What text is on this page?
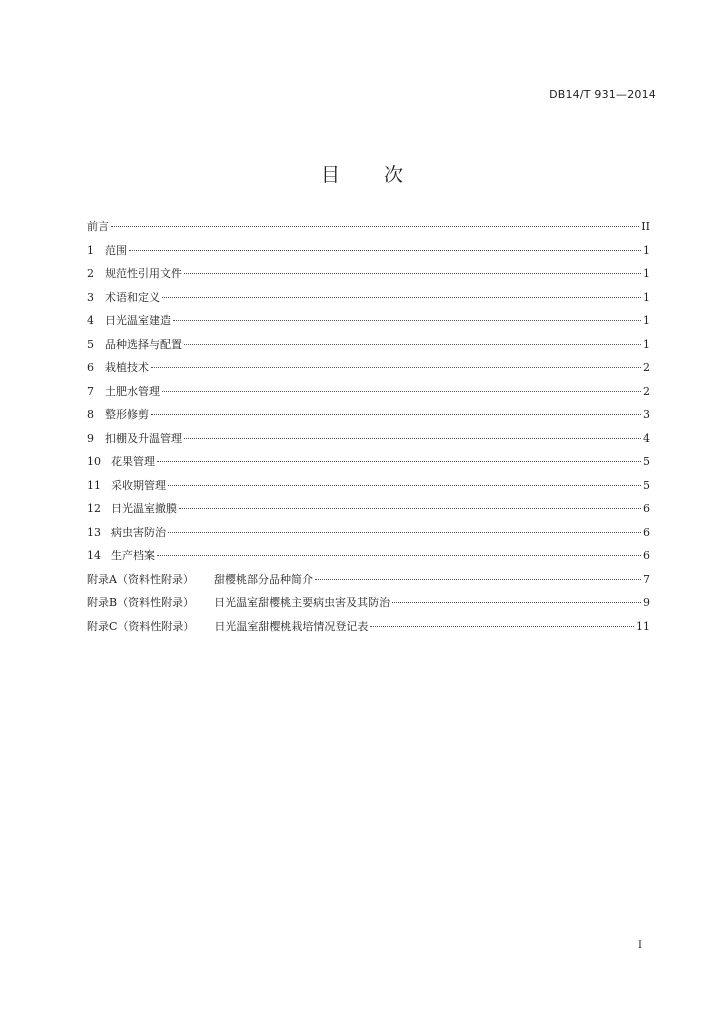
DB14/T 931—2014
目 次
前言	II
1 范围	1
2 规范性引用文件	1
3 术语和定义	1
4 日光温室建造	1
5 品种选择与配置	1
6 栽植技术	2
7 土肥水管理	2
8 整形修剪	3
9 扣棚及升温管理	4
10 花果管理	5
11 采收期管理	5
12 日光温室撤膜	6
13 病虫害防治	6
14 生产档案	6
附录A（资料性附录） 甜樱桃部分品种简介	7
附录B（资料性附录） 日光温室甜樱桃主要病虫害及其防治	9
附录C（资料性附录） 日光温室甜樱桃栽培情况登记表	11
I
